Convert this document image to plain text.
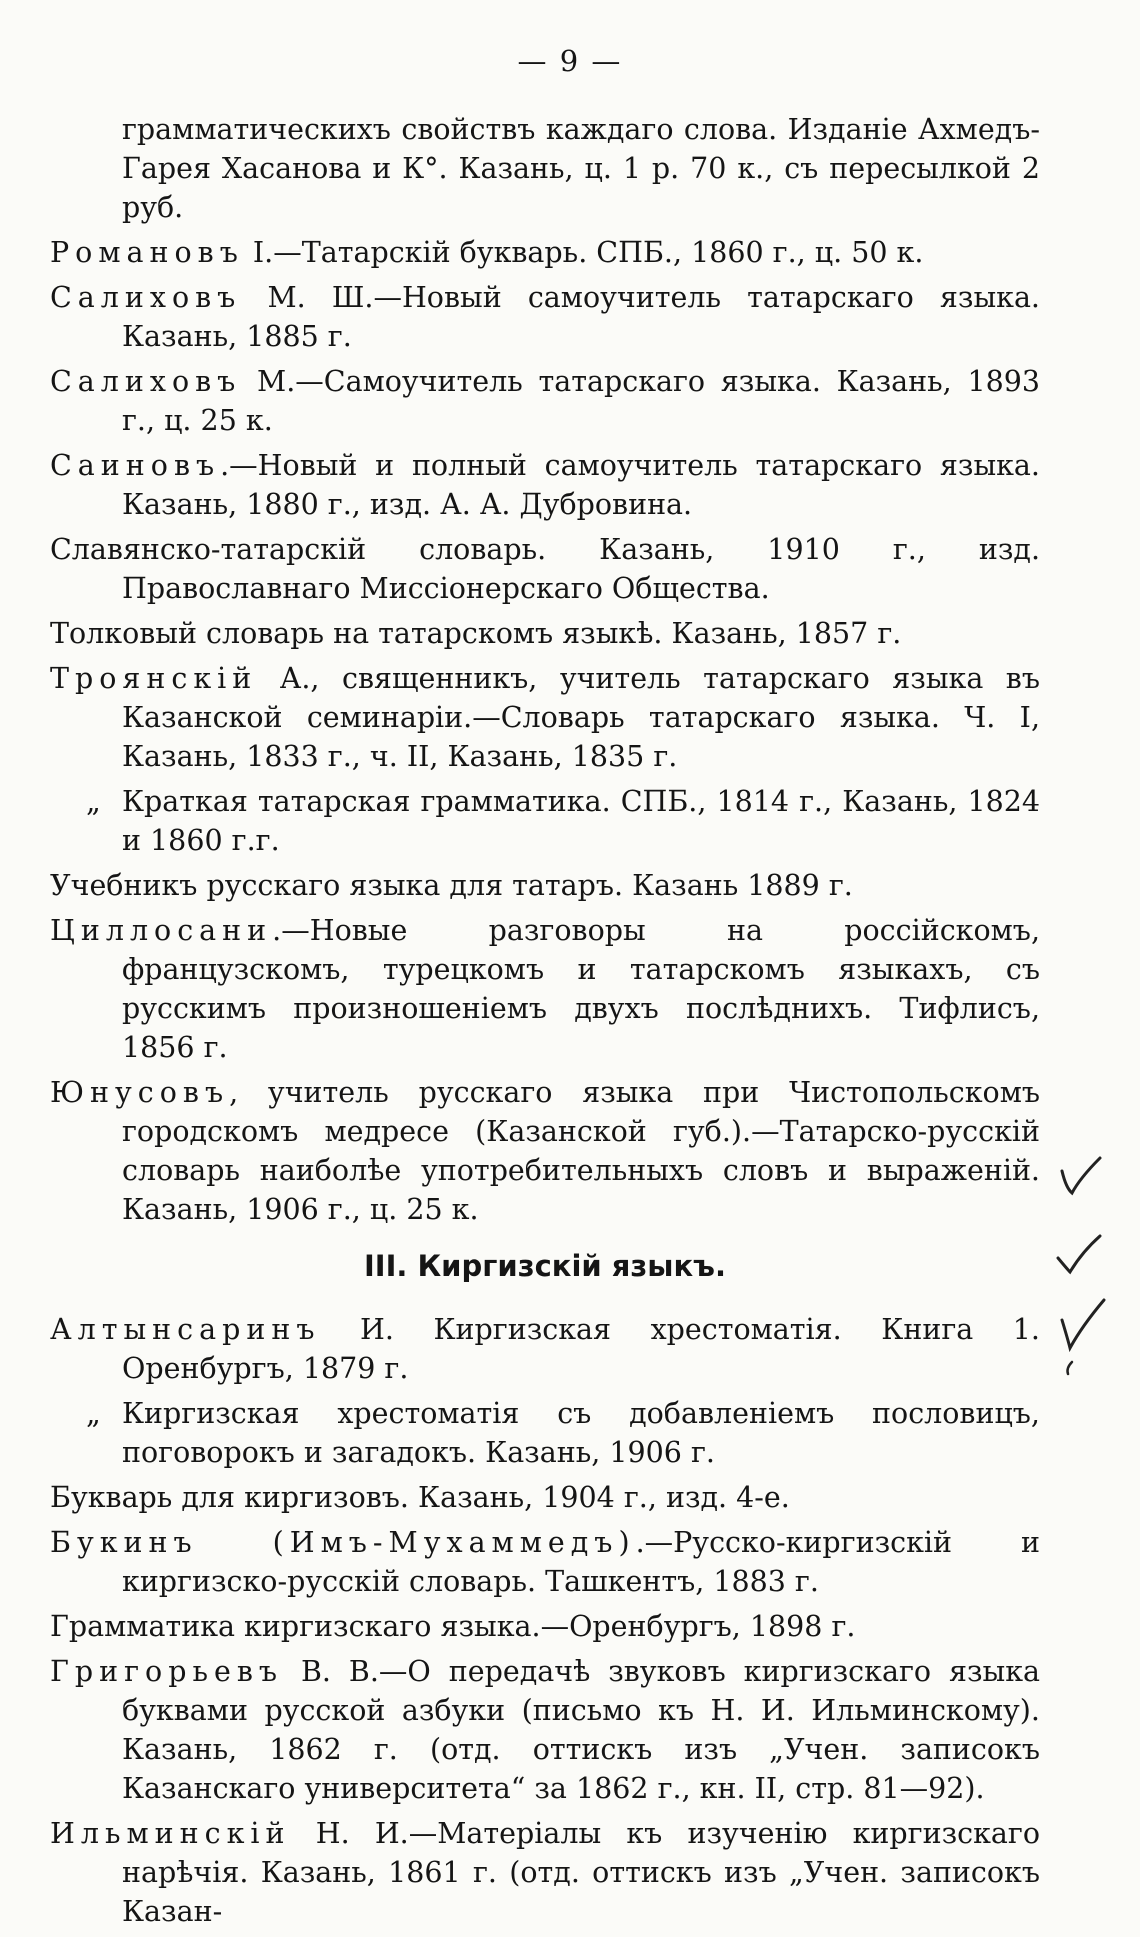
— 9 —
грамматическихъ свойствъ каждаго слова. Изданіе Ахмедъ-Гарея Хасанова и К°. Казань, ц. 1 р. 70 к., съ пересылкой 2 руб.
Романовъ I.—Татарскій букварь. СПБ., 1860 г., ц. 50 к.
Салиховъ М. Ш.—Новый самоучитель татарскаго языка. Казань, 1885 г.
Салиховъ М.—Самоучитель татарскаго языка. Казань, 1893 г., ц. 25 к.
Саиновъ.—Новый и полный самоучитель татарскаго языка. Казань, 1880 г., изд. А. А. Дубровина.
Славянско-татарскій словарь. Казань, 1910 г., изд. Православнаго Миссіонерскаго Общества.
Толковый словарь на татарскомъ языкѣ. Казань, 1857 г.
Троянскій А., священникъ, учитель татарскаго языка въ Казанской семинаріи.—Словарь татарскаго языка. Ч. I, Казань, 1833 г., ч. II, Казань, 1835 г.
„ Краткая татарская грамматика. СПБ., 1814 г., Казань, 1824 и 1860 г.г.
Учебникъ русскаго языка для татаръ. Казань 1889 г.
Циллосани.—Новые разговоры на россійскомъ, французскомъ, турецкомъ и татарскомъ языкахъ, съ русскимъ произношеніемъ двухъ послѣднихъ. Тифлисъ, 1856 г.
Юнусовъ, учитель русскаго языка при Чистопольскомъ городскомъ медресе (Казанской губ.).—Татарско-русскій словарь наиболѣе употребительныхъ словъ и выраженій. Казань, 1906 г., ц. 25 к.
III. Киргизскій языкъ.
Алтынсаринъ И. Киргизская хрестоматія. Книга 1. Оренбургъ, 1879 г.
„ Киргизская хрестоматія съ добавленіемъ пословицъ, поговорокъ и загадокъ. Казань, 1906 г.
Букварь для киргизовъ. Казань, 1904 г., изд. 4-е.
Букинъ (Имъ-Мухаммедъ).—Русско-киргизскій и киргизско-русскій словарь. Ташкентъ, 1883 г.
Грамматика киргизскаго языка.—Оренбургъ, 1898 г.
Григорьевъ В. В.—О передачѣ звуковъ киргизскаго языка буквами русской азбуки (письмо къ Н. И. Ильминскому). Казань, 1862 г. (отд. оттискъ изъ „Учен. записокъ Казанскаго университета“ за 1862 г., кн. II, стр. 81—92).
Ильминскій Н. И.—Матеріалы къ изученію киргизскаго нарѣчія. Казань, 1861 г. (отд. оттискъ изъ „Учен. записокъ Казан-
